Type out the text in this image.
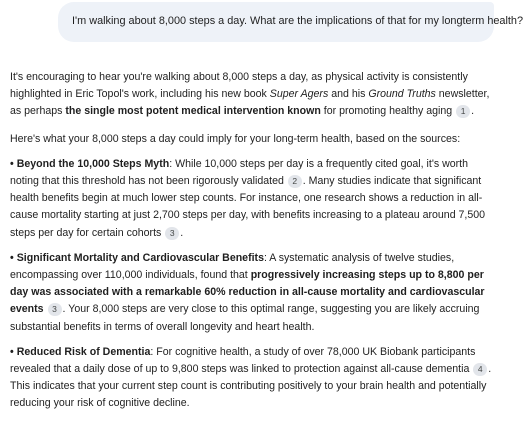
I'm walking about 8,000 steps a day. What are the implications of that for my longterm health?

It's encouraging to hear you're walking about 8,000 steps a day, as physical activity is consistently highlighted in Eric Topol's work, including his new book Super Agers and his Ground Truths newsletter, as perhaps the single most potent medical intervention known for promoting healthy aging 1 .

Here's what your 8,000 steps a day could imply for your long-term health, based on the sources:

• Beyond the 10,000 Steps Myth: While 10,000 steps per day is a frequently cited goal, it's worth noting that this threshold has not been rigorously validated 2 . Many studies indicate that significant health benefits begin at much lower step counts. For instance, one research shows a reduction in all-cause mortality starting at just 2,700 steps per day, with benefits increasing to a plateau around 7,500 steps per day for certain cohorts 3 .

• Significant Mortality and Cardiovascular Benefits: A systematic analysis of twelve studies, encompassing over 110,000 individuals, found that progressively increasing steps up to 8,800 per day was associated with a remarkable 60% reduction in all-cause mortality and cardiovascular events 3 . Your 8,000 steps are very close to this optimal range, suggesting you are likely accruing substantial benefits in terms of overall longevity and heart health.

• Reduced Risk of Dementia: For cognitive health, a study of over 78,000 UK Biobank participants revealed that a daily dose of up to 9,800 steps was linked to protection against all-cause dementia 4 . This indicates that your current step count is contributing positively to your brain health and potentially reducing your risk of cognitive decline.
